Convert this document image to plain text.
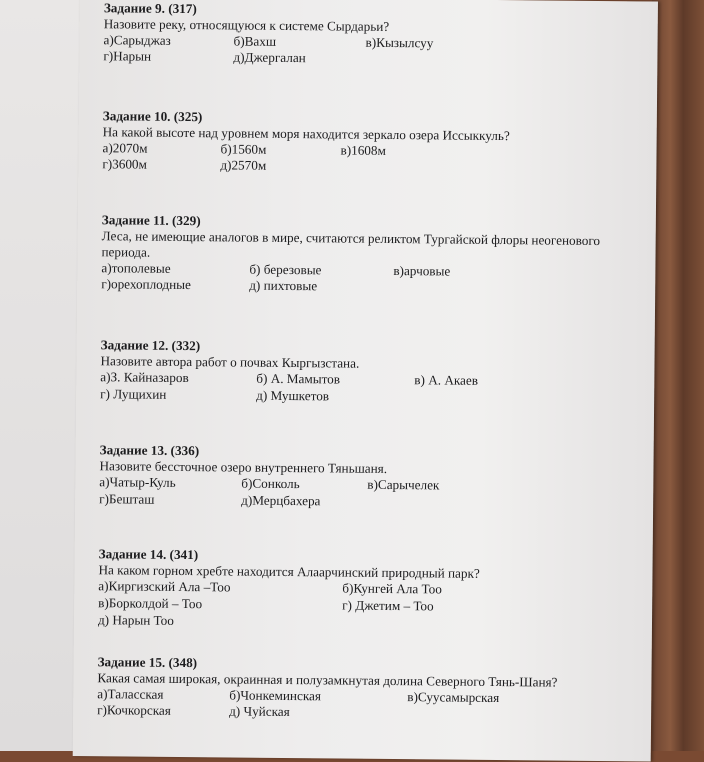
Задание 9. (317)
Назовите реку, относящуюся к системе Сырдарьи?
а)Сарыджаз	б)Вахш	в)Кызылсуу
г)Нарын	д)Джергалан
Задание 10. (325)
На какой высоте над уровнем моря находится зеркало озера Иссыккуль?
а)2070м	б)1560м	в)1608м
г)3600м	д)2570м
Задание 11. (329)
Леса, не имеющие аналогов в мире, считаются реликтом Тургайской флоры неогенового периода.
а)тополевые	б) березовые	в)арчовые
г)орехоплодные	д) пихтовые
Задание 12. (332)
Назовите автора работ о почвах Кыргызстана.
а)З. Кайназаров	б) А. Мамытов	в) А. Акаев
г) Лущихин	д) Мушкетов
Задание 13. (336)
Назовите бессточное озеро внутреннего Тяньшаня.
а)Чатыр-Куль	б)Сонколь	в)Сарычелек
г)Бешташ	д)Мерцбахера
Задание 14. (341)
На каком горном хребте находится Алаарчинский природный парк?
а)Киргизский Ала –Тоо	б)Кунгей Ала Тоо
в)Борколдой – Тоо	г) Джетим – Тоо
д) Нарын Тоо
Задание 15. (348)
Какая самая широкая, окраинная и полузамкнутая долина Северного Тянь-Шаня?
а)Таласская	б)Чонкеминская	в)Суусамырская
г)Кочкорская	д) Чуйская
